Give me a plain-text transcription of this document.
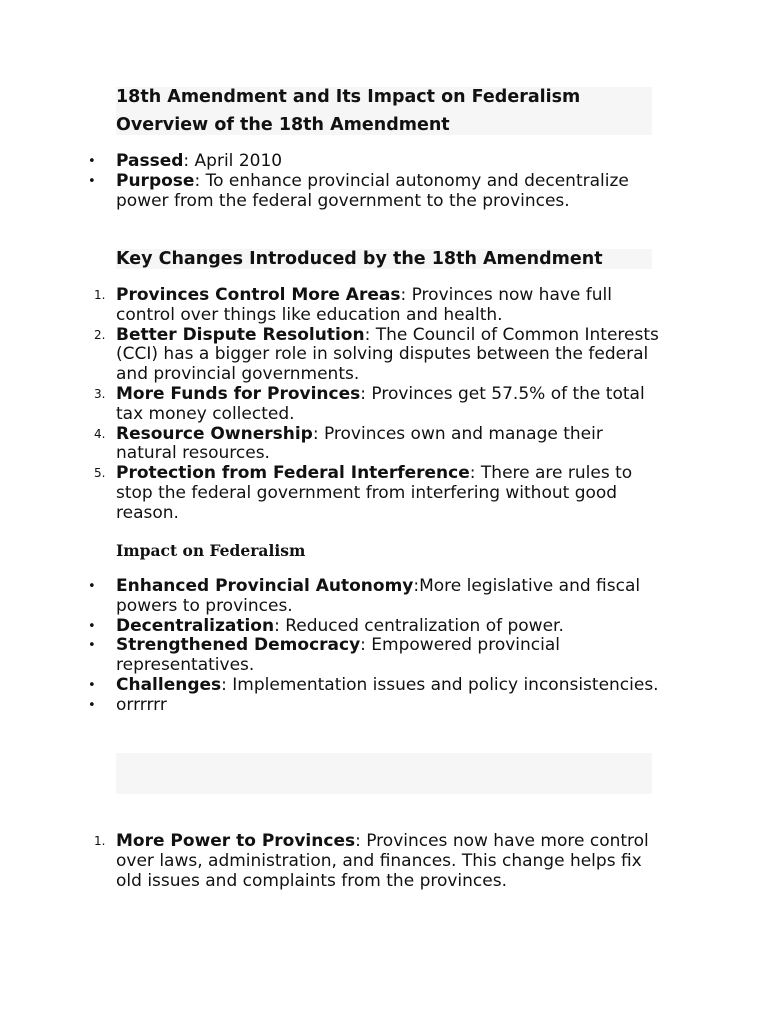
18th Amendment and Its Impact on Federalism
Overview of the 18th Amendment
• Passed: April 2010
• Purpose: To enhance provincial autonomy and decentralize power from the federal government to the provinces.
Key Changes Introduced by the 18th Amendment
1. Provinces Control More Areas: Provinces now have full control over things like education and health.
2. Better Dispute Resolution: The Council of Common Interests (CCI) has a bigger role in solving disputes between the federal and provincial governments.
3. More Funds for Provinces: Provinces get 57.5% of the total tax money collected.
4. Resource Ownership: Provinces own and manage their natural resources.
5. Protection from Federal Interference: There are rules to stop the federal government from interfering without good reason.
Impact on Federalism
• Enhanced Provincial Autonomy:More legislative and fiscal powers to provinces.
• Decentralization: Reduced centralization of power.
• Strengthened Democracy: Empowered provincial representatives.
• Challenges: Implementation issues and policy inconsistencies.
• orrrrrr
1. More Power to Provinces: Provinces now have more control over laws, administration, and finances. This change helps fix old issues and complaints from the provinces.
